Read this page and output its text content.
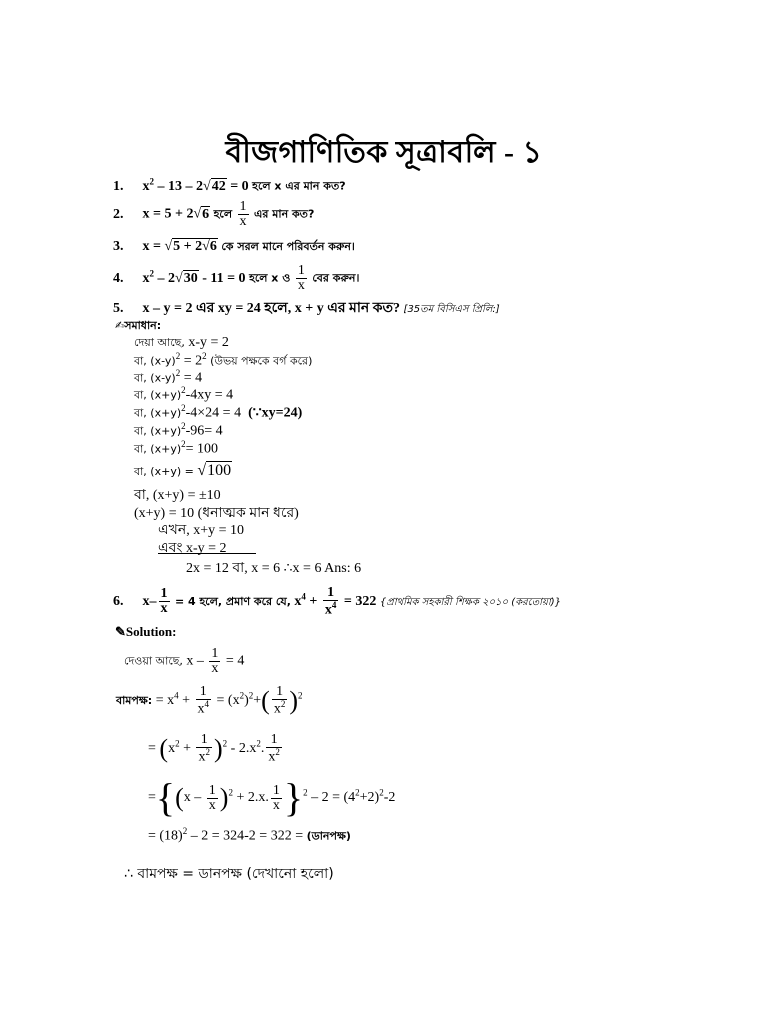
বীজগাণিতিক সূত্রাবলি - ১
1. $x^2 - 13 - 2√42 = 0$ হলে x এর মান কত?
2. x = 5 + 2√6 হলে $\frac{1}{x}$ এর মান কত?
3. x = √5 + 2√6 কে সরল মানে পরিবর্তন করুন।
4. $x^2 - 2√30 - 11 = 0$ হলে x ও $\frac{1}{x}$ বের করুন।
5. x – y = 2 এর xy = 24 হলে, x + y এর মান কত? [35তম বিসিএস প্রিলি:]
✍সমাধান:
দেয়া আছে, x-y = 2
বা, $(x-y)^2 = 2^2$ (উভয় পক্ষকে বর্গ করে)
বা, $(x-y)^2 = 4$
বা, $(x+y)^2-4xy = 4$
বা, $(x+y)^2-4\times 24 = 4$  (∵xy=24)
বা, $(x+y)^2-96= 4$
বা, $(x+y)^2= 100$
বা, (x+y) = √100
বা, (x+y) = ±10
(x+y) = 10 (ধনাত্মক মান ধরে)
এখন, x+y = 10
এবং x-y = 2
2x = 12 বা, x = 6 ∴x = 6 Ans: 6
6. $x- \frac{1}{x} = 4$ হলে, প্রমাণ করে যে, $x^4 + \frac{1}{x^4} = 322$ {প্রাথমিক সহকারী শিক্ষক ২০১০ (করতোয়া)}
✎Solution:
দেওয়া আছে, $x - \frac{1}{x} = 4$
বামপক্ষ: = $x^4 + \frac{1}{x^4} = (x^2)^2+( \frac{1}{x^2} )^2$
= $(x^2 + \frac{1}{x^2} )^2 - 2.x^2$. $\frac{1}{x^2}$
$=\{(x - \frac{1}{x} )^2 + 2.x$. $\frac{1}{x} \}^2 - 2 = (4^2+2)^2-2$
= $(18)^2 - 2 = 324-2 = 322$ = (ডানপক্ষ)
∴ বামপক্ষ = ডানপক্ষ (দেখানো হলো)
